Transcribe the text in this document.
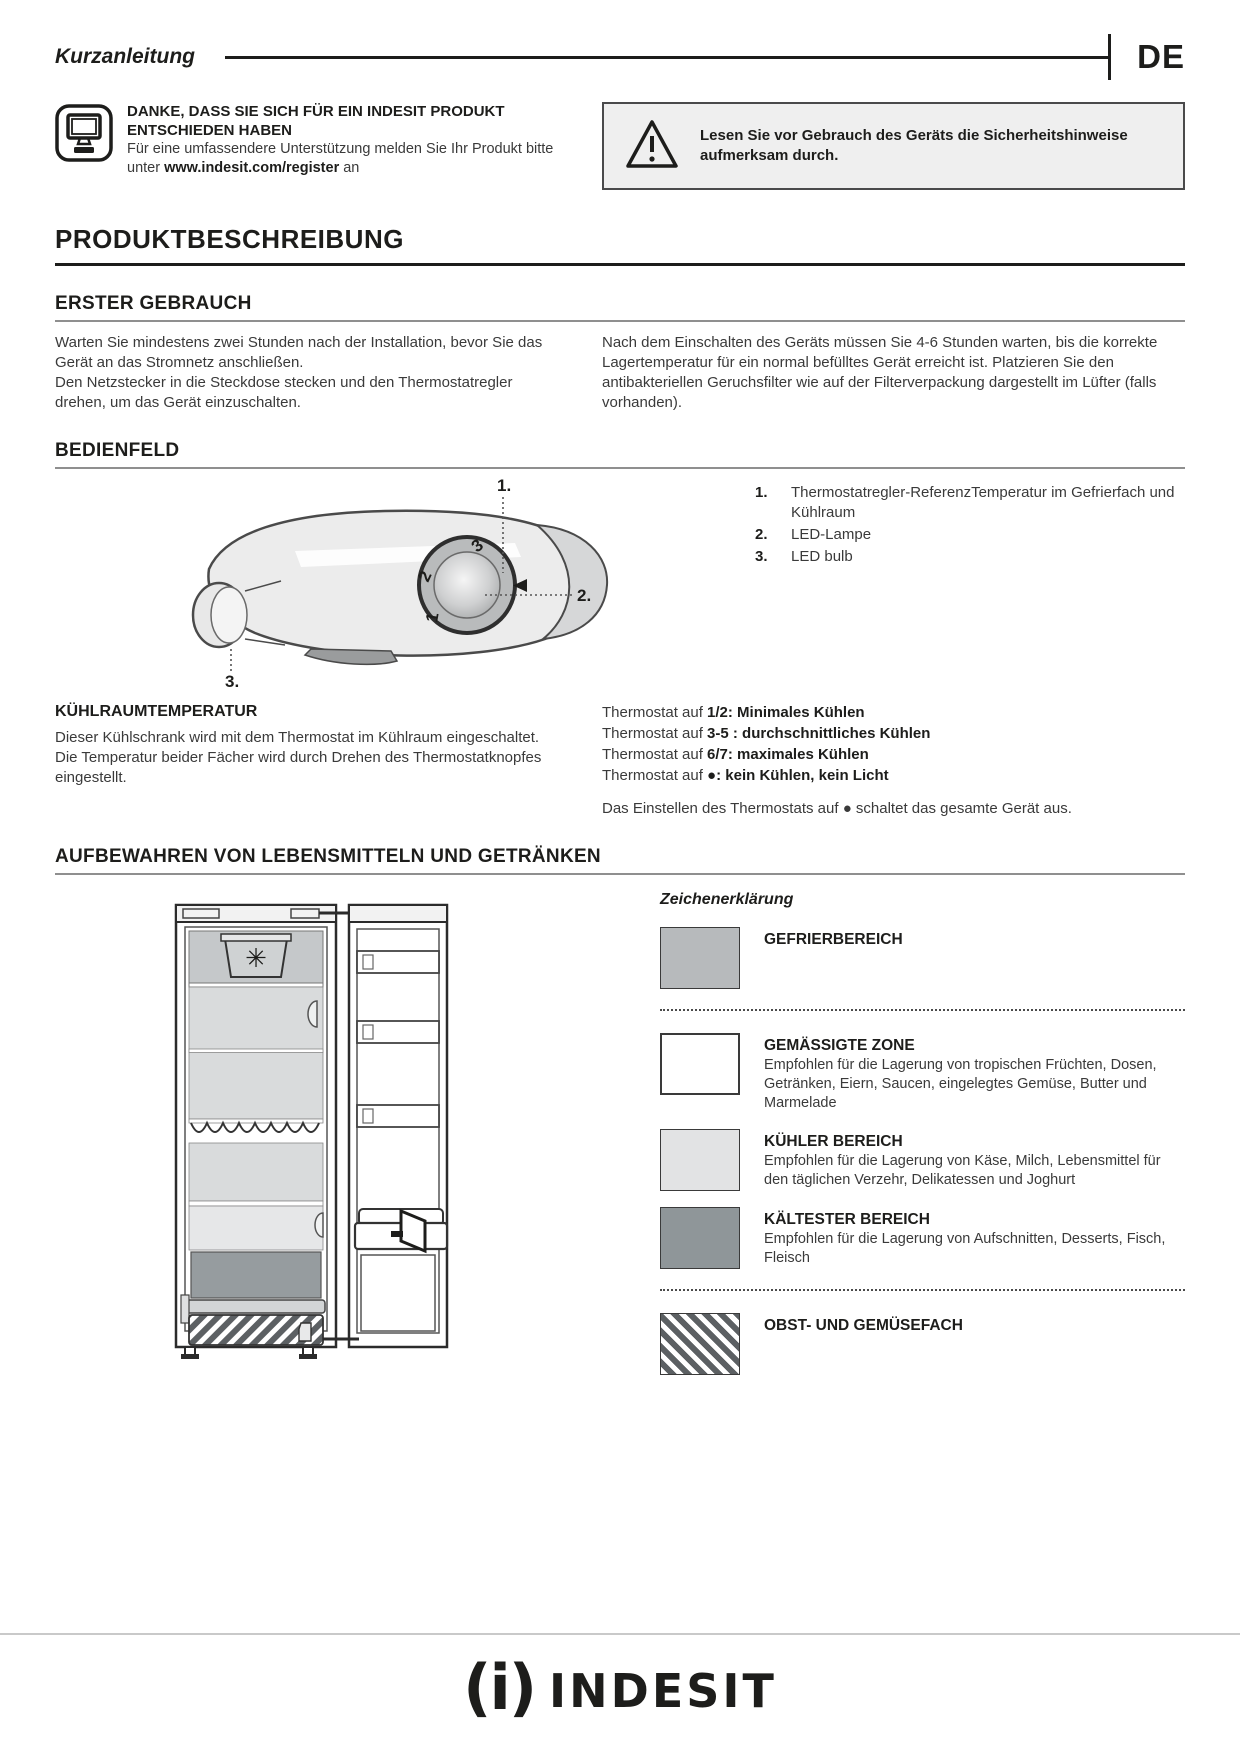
Kurzanleitung	DE
DANKE, DASS SIE SICH FÜR EIN INDESIT PRODUKT
ENTSCHIEDEN HABEN
Für eine umfassendere Unterstützung melden Sie Ihr Produkt bitte unter www.indesit.com/register an
Lesen Sie vor Gebrauch des Geräts die Sicherheitshinweise aufmerksam durch.
PRODUKTBESCHREIBUNG
ERSTER GEBRAUCH
Warten Sie mindestens zwei Stunden nach der Installation, bevor Sie das Gerät an das Stromnetz anschließen.
Den Netzstecker in die Steckdose stecken und den Thermostatregler drehen, um das Gerät einzuschalten.
Nach dem Einschalten des Geräts müssen Sie 4-6 Stunden warten, bis die korrekte Lagertemperatur für ein normal befülltes Gerät erreicht ist. Platzieren Sie den antibakteriellen Geruchsfilter wie auf der Filterverpackung dargestellt im Lüfter (falls vorhanden).
BEDIENFELD
3
2
1
1.
2.
3.
1.	Thermostatregler-ReferenzTemperatur im Gefrierfach und Kühlraum
2.	LED-Lampe
3.	LED bulb
KÜHLRAUMTEMPERATUR
Dieser Kühlschrank wird mit dem Thermostat im Kühlraum eingeschaltet.
Die Temperatur beider Fächer wird durch Drehen des Thermostatknopfes eingestellt.
Thermostat auf 1/2: Minimales Kühlen
Thermostat auf 3-5 : durchschnittliches Kühlen
Thermostat auf 6/7: maximales Kühlen
Thermostat auf ●: kein Kühlen, kein Licht
Das Einstellen des Thermostats auf ● schaltet das gesamte Gerät aus.
AUFBEWAHREN VON LEBENSMITTELN UND GETRÄNKEN
✳
Zeichenerklärung
GEFRIERBEREICH
GEMÄSSIGTE ZONE
Empfohlen für die Lagerung von tropischen Früchten, Dosen, Getränken, Eiern, Saucen, eingelegtes Gemüse, Butter und Marmelade
KÜHLER BEREICH
Empfohlen für die Lagerung von Käse, Milch, Lebensmittel für den täglichen Verzehr, Delikatessen und Joghurt
KÄLTESTER BEREICH
Empfohlen für die Lagerung von Aufschnitten, Desserts, Fisch, Fleisch
OBST- UND GEMÜSEFACH
(i) INDESIT
